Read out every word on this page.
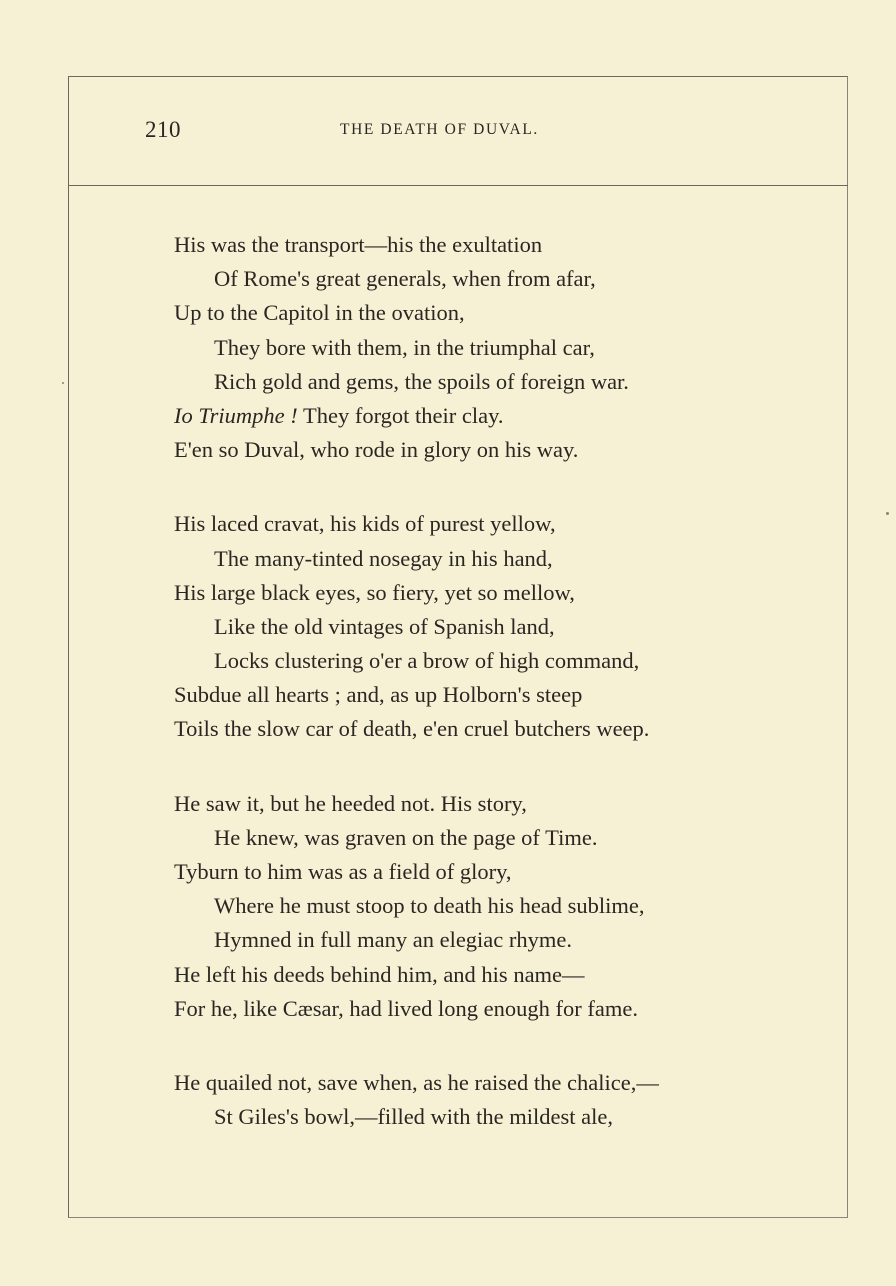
210	THE DEATH OF DUVAL.
His was the transport—his the exultation
Of Rome's great generals, when from afar,
Up to the Capitol in the ovation,
They bore with them, in the triumphal car,
Rich gold and gems, the spoils of foreign war.
Io Triumphe ! They forgot their clay.
E'en so Duval, who rode in glory on his way.
His laced cravat, his kids of purest yellow,
The many-tinted nosegay in his hand,
His large black eyes, so fiery, yet so mellow,
Like the old vintages of Spanish land,
Locks clustering o'er a brow of high command,
Subdue all hearts ; and, as up Holborn's steep
Toils the slow car of death, e'en cruel butchers weep.
He saw it, but he heeded not. His story,
He knew, was graven on the page of Time.
Tyburn to him was as a field of glory,
Where he must stoop to death his head sublime,
Hymned in full many an elegiac rhyme.
He left his deeds behind him, and his name—
For he, like Cæsar, had lived long enough for fame.
He quailed not, save when, as he raised the chalice,—
St Giles's bowl,—filled with the mildest ale,
